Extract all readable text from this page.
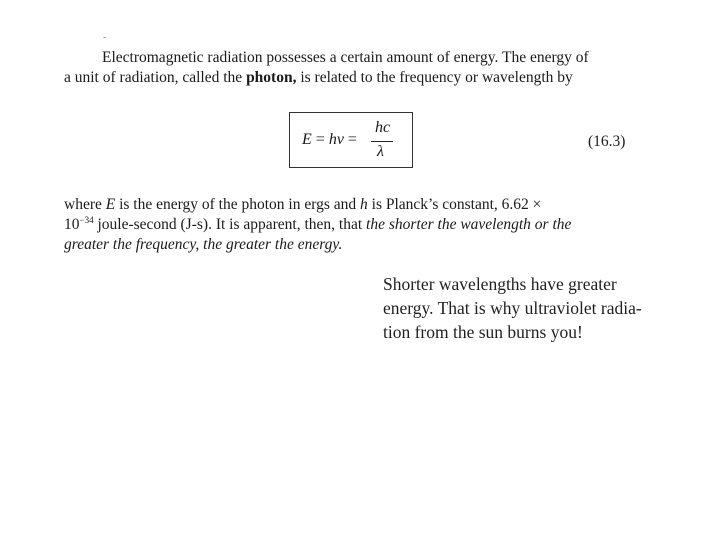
Electromagnetic radiation possesses a certain amount of energy. The energy of
a unit of radiation, called the photon, is related to the frequency or wavelength by
E = hν =
hc
λ
(16.3)
where E is the energy of the photon in ergs and h is Planck’s constant, 6.62 ×
$10^{-34}$ joule-second (J-s). It is apparent, then, that the shorter the wavelength or the
greater the frequency, the greater the energy.
Shorter wavelengths have greater
energy. That is why ultraviolet radia-
tion from the sun burns you!
-
